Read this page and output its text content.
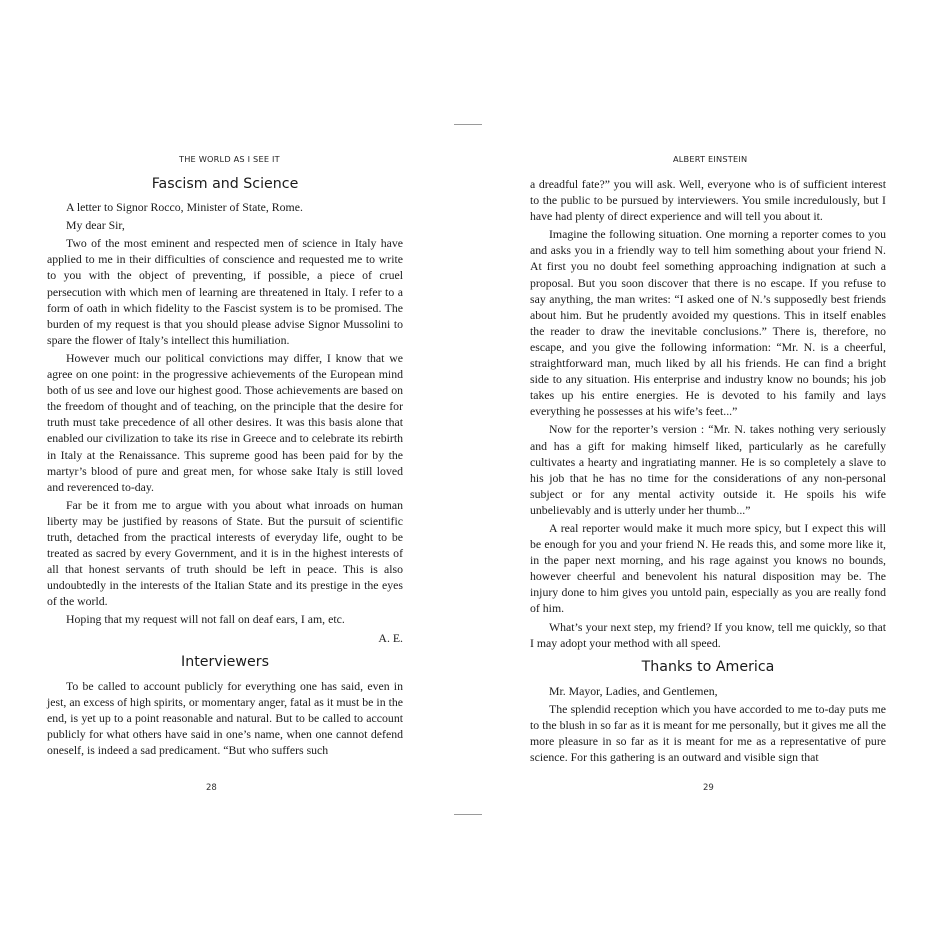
THE WORLD AS I SEE IT
Fascism and Science

A letter to Signor Rocco, Minister of State, Rome.

My dear Sir,

Two of the most eminent and respected men of science in Italy have applied to me in their difficulties of conscience and requested me to write to you with the object of preventing, if possible, a piece of cruel persecution with which men of learning are threatened in Italy. I refer to a form of oath in which fidelity to the Fascist system is to be promised. The burden of my request is that you should please advise Signor Mussolini to spare the flower of Italy’s intellect this humiliation.

However much our political convictions may differ, I know that we agree on one point: in the progressive achievements of the European mind both of us see and love our highest good. Those achievements are based on the freedom of thought and of teaching, on the principle that the desire for truth must take precedence of all other desires. It was this basis alone that enabled our civilization to take its rise in Greece and to celebrate its rebirth in Italy at the Renaissance. This supreme good has been paid for by the martyr’s blood of pure and great men, for whose sake Italy is still loved and reverenced to-day.

Far be it from me to argue with you about what inroads on human liberty may be justified by reasons of State. But the pursuit of scientific truth, detached from the practical interests of everyday life, ought to be treated as sacred by every Government, and it is in the highest interests of all that honest servants of truth should be left in peace. This is also undoubtedly in the interests of the Italian State and its prestige in the eyes of the world.

Hoping that my request will not fall on deaf ears, I am, etc.

A. E.

Interviewers

To be called to account publicly for everything one has said, even in jest, an excess of high spirits, or momentary anger, fatal as it must be in the end, is yet up to a point reasonable and natural. But to be called to account publicly for what others have said in one’s name, when one cannot defend oneself, is indeed a sad predicament. “But who suffers such

28
ALBERT EINSTEIN

a dreadful fate?” you will ask. Well, everyone who is of sufficient interest to the public to be pursued by interviewers. You smile incredulously, but I have had plenty of direct experience and will tell you about it.

Imagine the following situation. One morning a reporter comes to you and asks you in a friendly way to tell him something about your friend N. At first you no doubt feel something approaching indignation at such a proposal. But you soon discover that there is no escape. If you refuse to say anything, the man writes: “I asked one of N.’s supposedly best friends about him. But he prudently avoided my questions. This in itself enables the reader to draw the inevitable conclusions.” There is, therefore, no escape, and you give the following information: “Mr. N. is a cheerful, straightforward man, much liked by all his friends. He can find a bright side to any situation. His enterprise and industry know no bounds; his job takes up his entire energies. He is devoted to his family and lays everything he possesses at his wife’s feet...”

Now for the reporter’s version : “Mr. N. takes nothing very seriously and has a gift for making himself liked, particularly as he carefully cultivates a hearty and ingratiating manner. He is so completely a slave to his job that he has no time for the considerations of any non-personal subject or for any mental activity outside it. He spoils his wife unbelievably and is utterly under her thumb...”

A real reporter would make it much more spicy, but I expect this will be enough for you and your friend N. He reads this, and some more like it, in the paper next morning, and his rage against you knows no bounds, however cheerful and benevolent his natural disposition may be. The injury done to him gives you untold pain, especially as you are really fond of him.

What’s your next step, my friend? If you know, tell me quickly, so that I may adopt your method with all speed.

Thanks to America

Mr. Mayor, Ladies, and Gentlemen,

The splendid reception which you have accorded to me to-day puts me to the blush in so far as it is meant for me personally, but it gives me all the more pleasure in so far as it is meant for me as a representative of pure science. For this gathering is an outward and visible sign that

29
